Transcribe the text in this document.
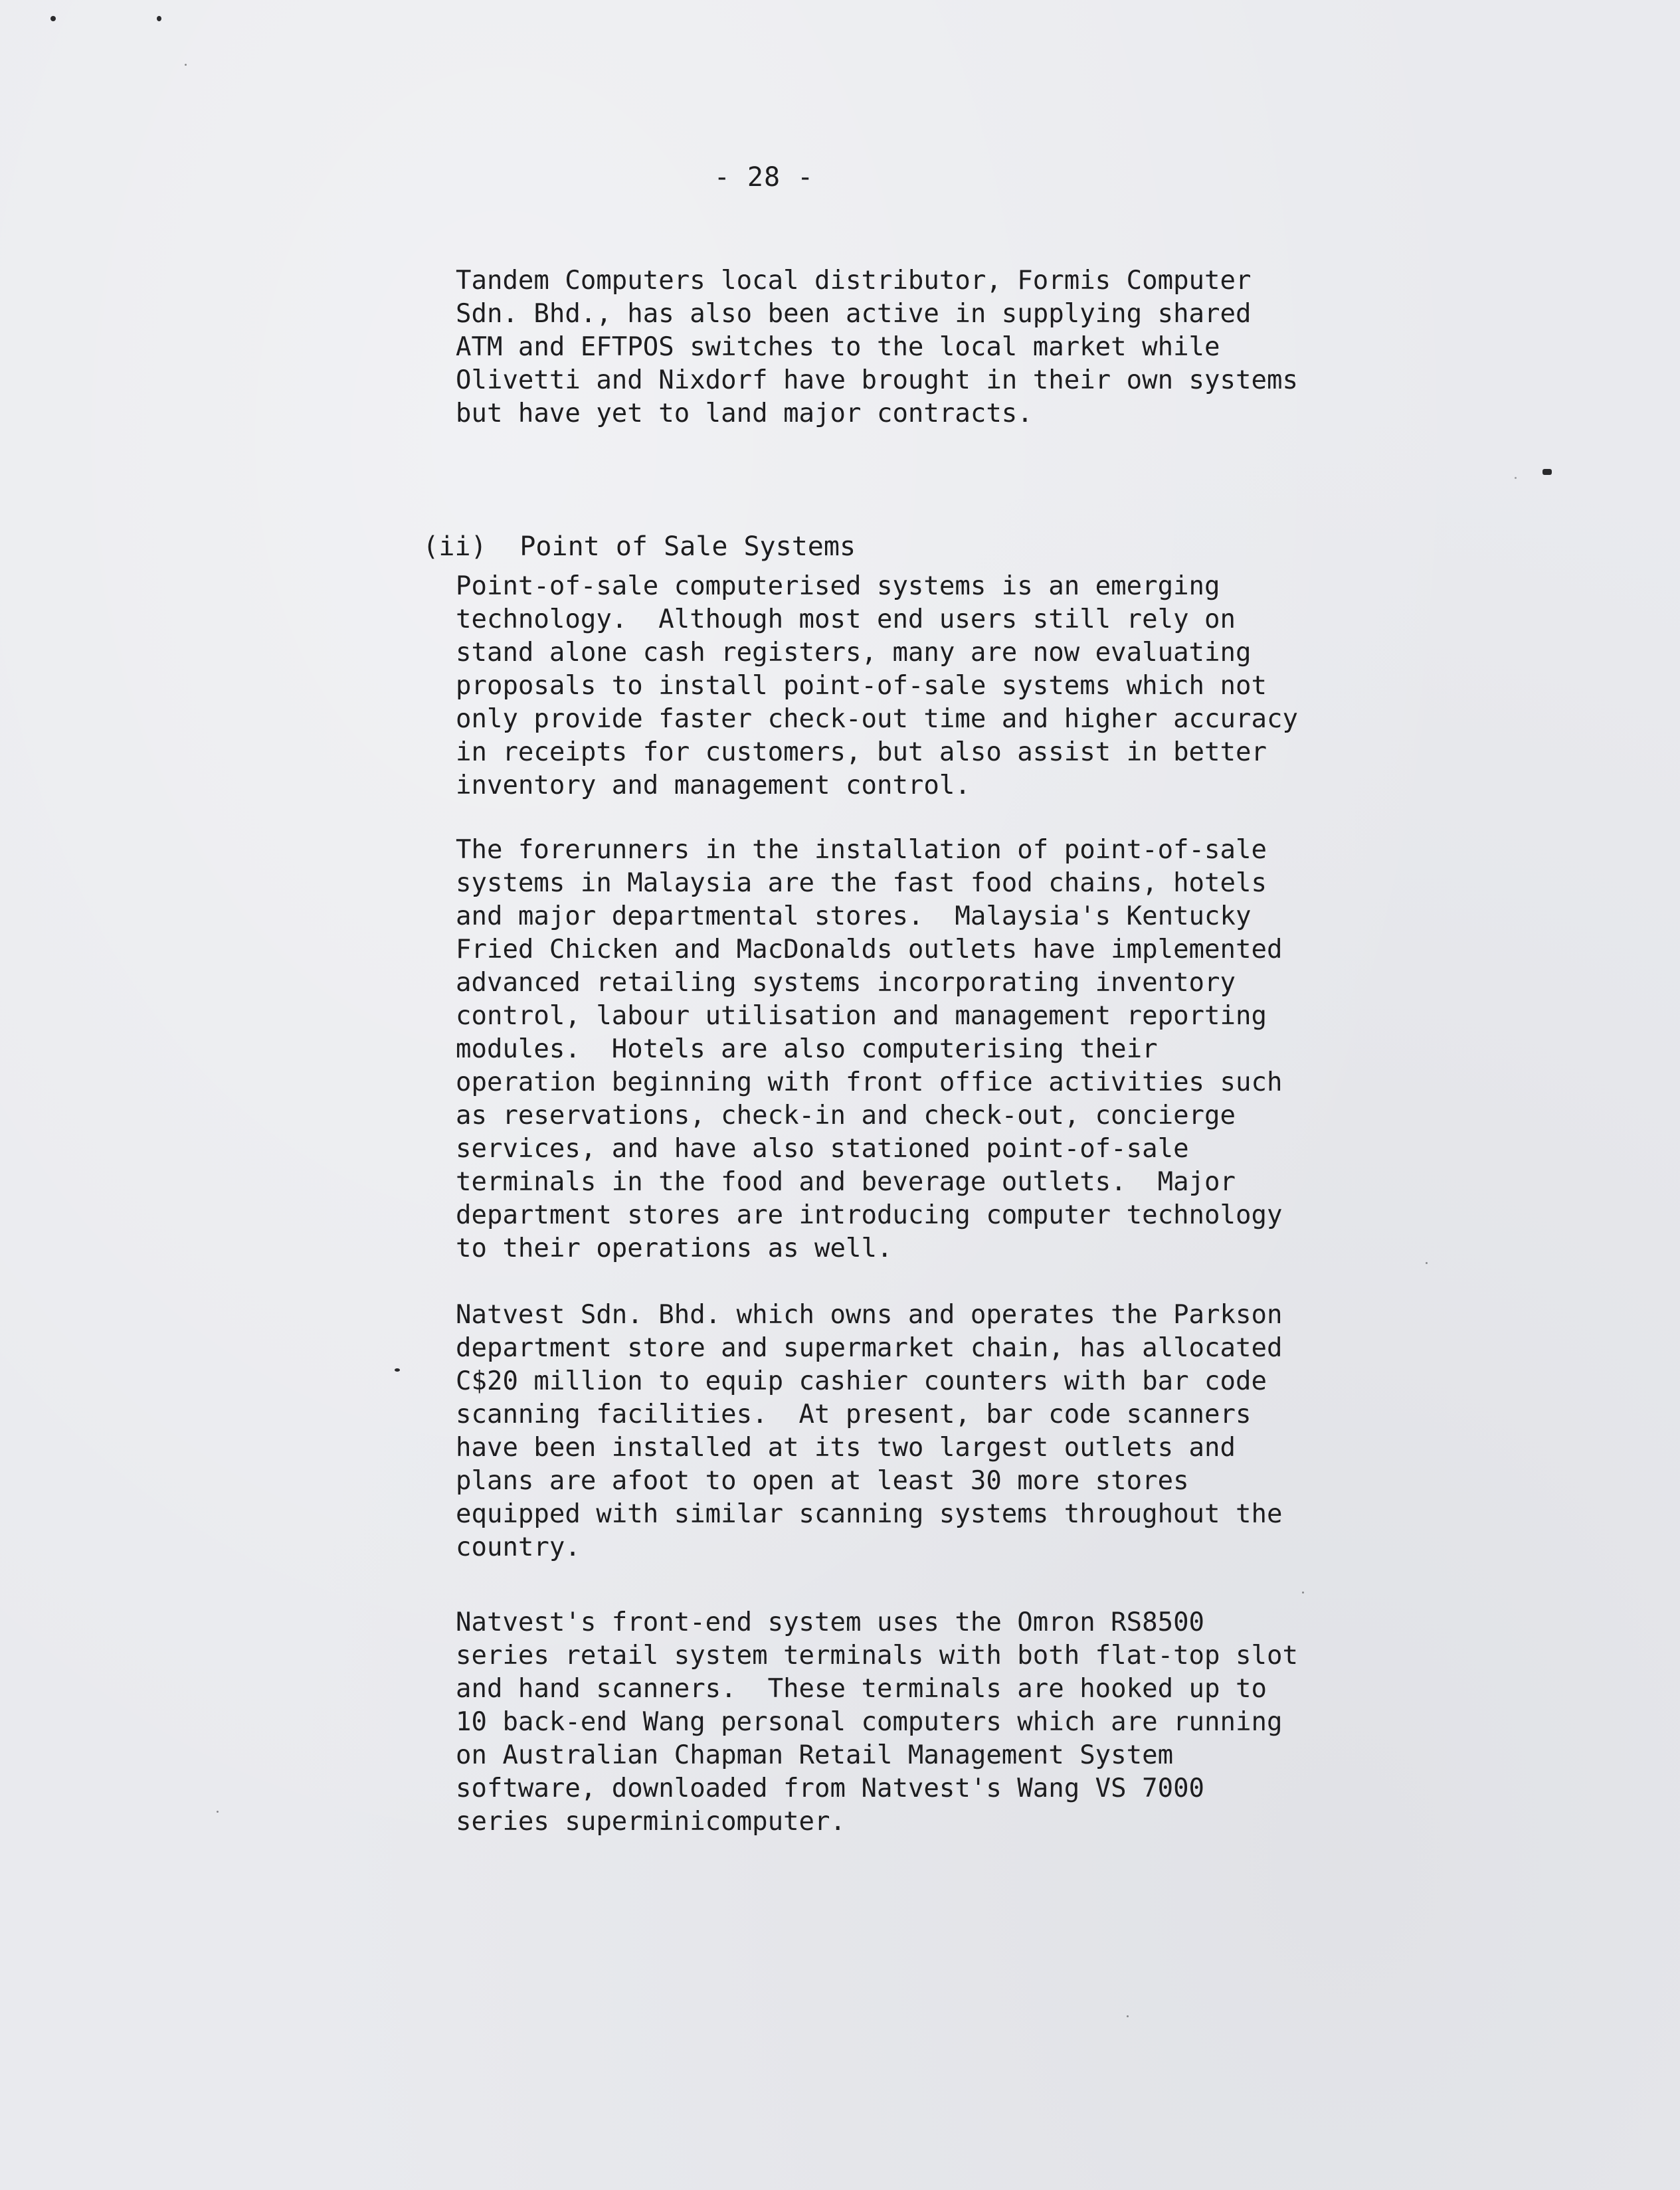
- 28 -

Tandem Computers local distributor, Formis Computer
Sdn. Bhd., has also been active in supplying shared
ATM and EFTPOS switches to the local market while
Olivetti and Nixdorf have brought in their own systems
but have yet to land major contracts.

(ii) Point of Sale Systems

Point-of-sale computerised systems is an emerging
technology.  Although most end users still rely on
stand alone cash registers, many are now evaluating
proposals to install point-of-sale systems which not
only provide faster check-out time and higher accuracy
in receipts for customers, but also assist in better
inventory and management control.

The forerunners in the installation of point-of-sale
systems in Malaysia are the fast food chains, hotels
and major departmental stores.  Malaysia's Kentucky
Fried Chicken and MacDonalds outlets have implemented
advanced retailing systems incorporating inventory
control, labour utilisation and management reporting
modules.  Hotels are also computerising their
operation beginning with front office activities such
as reservations, check-in and check-out, concierge
services, and have also stationed point-of-sale
terminals in the food and beverage outlets.  Major
department stores are introducing computer technology
to their operations as well.

Natvest Sdn. Bhd. which owns and operates the Parkson
department store and supermarket chain, has allocated
C$20 million to equip cashier counters with bar code
scanning facilities.  At present, bar code scanners
have been installed at its two largest outlets and
plans are afoot to open at least 30 more stores
equipped with similar scanning systems throughout the
country.

Natvest's front-end system uses the Omron RS8500
series retail system terminals with both flat-top slot
and hand scanners.  These terminals are hooked up to
10 back-end Wang personal computers which are running
on Australian Chapman Retail Management System
software, downloaded from Natvest's Wang VS 7000
series superminicomputer.
